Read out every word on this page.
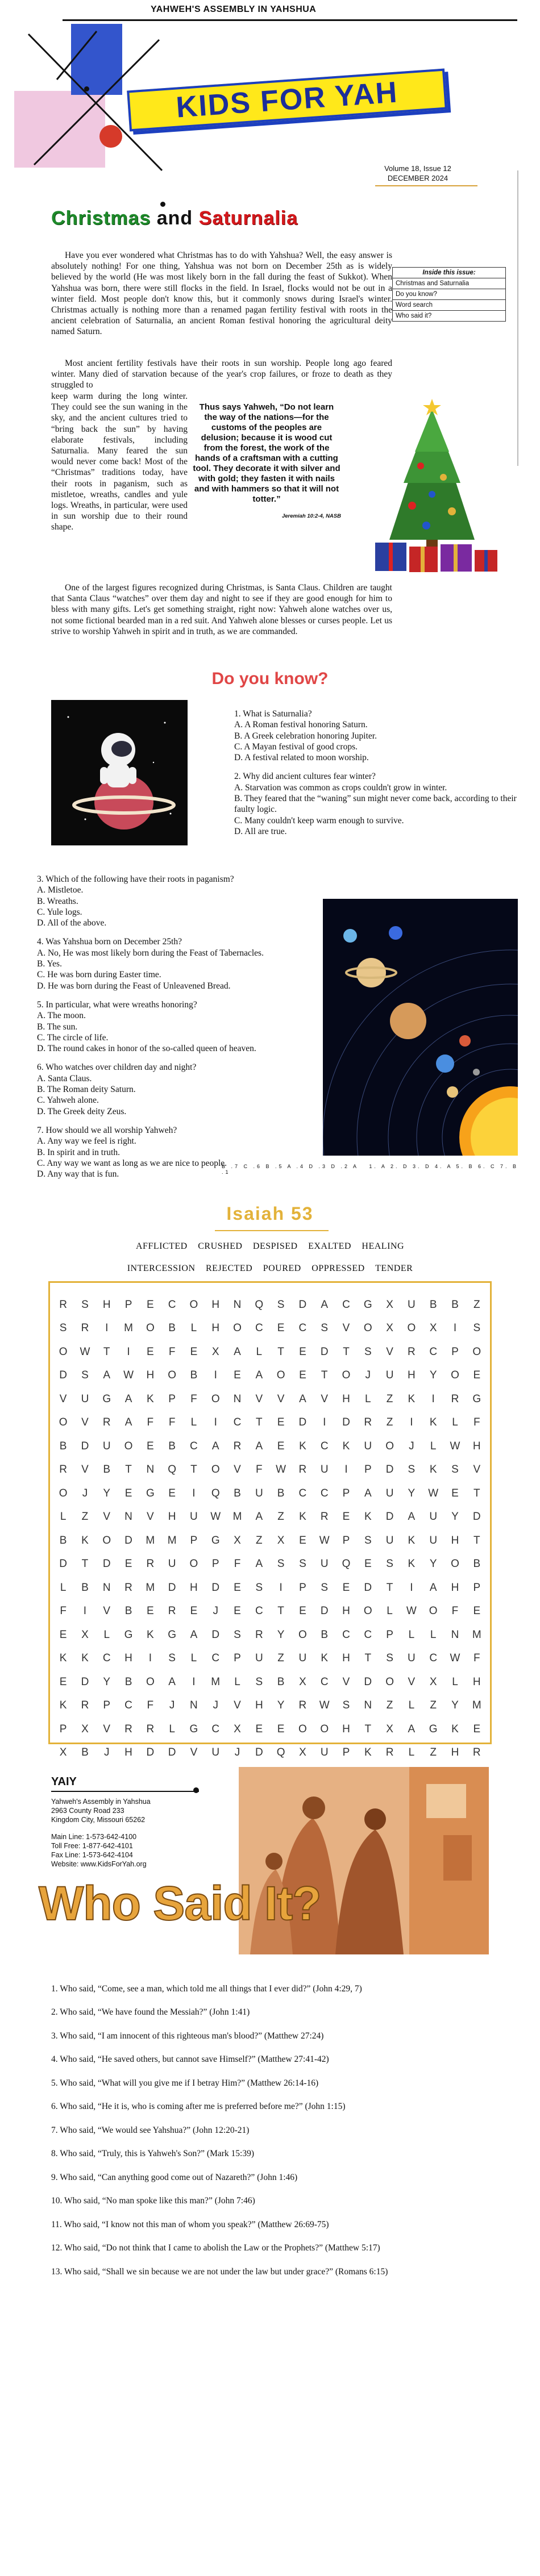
YAHWEH'S ASSEMBLY IN YAHSHUA
KIDS FOR YAH
Volume 18, Issue 12
DECEMBER 2024
Christmas and Saturnalia
Have you ever wondered what Christmas has to do with Yahshua? Well, the easy answer is absolutely nothing! For one thing, Yahshua was not born on December 25th as is widely believed by the world (He was most likely born in the fall during the feast of Sukkot). When Yahshua was born, there were still flocks in the field. In Israel, flocks would not be out in a winter field. Most people don't know this, but it commonly snows during Israel's winter. Christmas actually is nothing more than a renamed pagan fertility festival with roots in the ancient celebration of Saturnalia, an ancient Roman festival honoring the agricultural deity named Saturn.
Most ancient fertility festivals have their roots in sun worship. People long ago feared winter. Many died of starvation because of the year's crop failures, or froze to death as they struggled to
keep warm during the long winter. They could see the sun waning in the sky, and the ancient cultures tried to “bring back the sun” by having elaborate festivals, including Saturnalia. Many feared the sun would never come back! Most of the “Christmas” traditions today, have their roots in paganism, such as mistletoe, wreaths, candles and yule logs. Wreaths, in particular, were used in sun worship due to their round shape.
One of the largest figures recognized during Christmas, is Santa Claus. Children are taught that Santa Claus “watches” over them day and night to see if they are good enough for him to bless with many gifts. Let's get something straight, right now: Yahweh alone watches over us, not some fictional bearded man in a red suit. And Yahweh alone blesses or curses people. Let us strive to worship Yahweh in spirit and in truth, as we are commanded.
Inside this issue:
Christmas and Saturnalia
Do you know?
Word search
Who said it?
Thus says Yahweh, “Do not learn the way of the nations—for the customs of the peoples are delusion; because it is wood cut from the forest, the work of the hands of a craftsman with a cutting tool. They decorate it with silver and with gold; they fasten it with nails and with hammers so that it will not totter.”
Jeremiah 10:2-4, NASB
Do you know?
1. What is Saturnalia?
A. A Roman festival honoring Saturn.
B. A Greek celebration honoring Jupiter.
C. A Mayan festival of good crops.
D. A festival related to moon worship.
2. Why did ancient cultures fear winter?
A. Starvation was common as crops couldn't grow in winter.
B. They feared that the “waning” sun might never come back, according to their faulty logic.
C. Many couldn't keep warm enough to survive.
D. All are true.
3. Which of the following have their roots in paganism?
A. Mistletoe.
B. Wreaths.
C. Yule logs.
D. All of the above.
4. Was Yahshua born on December 25th?
A. No, He was most likely born during the Feast of Tabernacles.
B. Yes.
C. He was born during Easter time.
D. He was born during the Feast of Unleavened Bread.
5. In particular, what were wreaths honoring?
A. The moon.
B. The sun.
C. The circle of life.
D. The round cakes in honor of the so-called queen of heaven.
6. Who watches over children day and night?
A. Santa Claus.
B. The Roman deity Saturn.
C. Yahweh alone.
D. The Greek deity Zeus.
7. How should we all worship Yahweh?
A. Any way we feel is right.
B. In spirit and in truth.
C. Any way we want as long as we are nice to people.
D. Any way that is fun.
B .7 C .6 B .5 A .4 D .3 D .2 A .1
1. A 2. D 3. D 4. A 5. B 6. C 7. B
Isaiah 53
AFFLICTED CRUSHED DESPISED EXALTED HEALING
INTERCESSION REJECTED POURED OPPRESSED TENDER
R	S	H	P	E	C	O	H	N	Q	S	D	A	C	G	X	U	B	B	Z
S	R	I	M	O	B	L	H	O	C	E	C	S	V	O	X	O	X	I	S
O	W	T	I	E	F	E	X	A	L	T	E	D	T	S	V	R	C	P	O
D	S	A	W	H	O	B	I	E	A	O	E	T	O	J	U	H	Y	O	E
V	U	G	A	K	P	F	O	N	V	V	A	V	H	L	Z	K	I	R	G
O	V	R	A	F	F	L	I	C	T	E	D	I	D	R	Z	I	K	L	F
B	D	U	O	E	B	C	A	R	A	E	K	C	K	U	O	J	L	W	H
R	V	B	T	N	Q	T	O	V	F	W	R	U	I	P	D	S	K	S	V
O	J	Y	E	G	E	I	Q	B	U	B	C	C	P	A	U	Y	W	E	T
L	Z	V	N	V	H	U	W	M	A	Z	K	R	E	K	D	A	U	Y	D
B	K	O	D	M	M	P	G	X	Z	X	E	W	P	S	U	K	U	H	T
D	T	D	E	R	U	O	P	F	A	S	S	U	Q	E	S	K	Y	O	B
L	B	N	R	M	D	H	D	E	S	I	P	S	E	D	T	I	A	H	P
F	I	V	B	E	R	E	J	E	C	T	E	D	H	O	L	W	O	F	E
E	X	L	G	K	G	A	D	S	R	Y	O	B	C	C	P	L	L	N	M
K	K	C	H	I	S	L	C	P	U	Z	U	K	H	T	S	U	C	W	F
E	D	Y	B	O	A	I	M	L	S	B	X	C	V	D	O	V	X	L	H
K	R	P	C	F	J	N	J	V	H	Y	R	W	S	N	Z	L	Z	Y	M
P	X	V	R	R	L	G	C	X	E	E	O	O	H	T	X	A	G	K	E
X	B	J	H	D	D	V	U	J	D	Q	X	U	P	K	R	L	Z	H	R
YAIY
Yahweh's Assembly in Yahshua
2963 County Road 233
Kingdom City, Missouri 65262
Main Line: 1-573-642-4100
Toll Free: 1-877-642-4101
Fax Line: 1-573-642-4104
Website: www.KidsForYah.org
Who Said It?
1. Who said, “Come, see a man, which told me all things that I ever did?” (John 4:29, 7)
2. Who said, “We have found the Messiah?” (John 1:41)
3. Who said, “I am innocent of this righteous man's blood?” (Matthew 27:24)
4. Who said, “He saved others, but cannot save Himself?” (Matthew 27:41-42)
5. Who said, “What will you give me if I betray Him?” (Matthew 26:14-16)
6. Who said, “He it is, who is coming after me is preferred before me?” (John 1:15)
7. Who said, “We would see Yahshua?” (John 12:20-21)
8. Who said, “Truly, this is Yahweh's Son?” (Mark 15:39)
9. Who said, “Can anything good come out of Nazareth?” (John 1:46)
10. Who said, “No man spoke like this man?” (John 7:46)
11. Who said, “I know not this man of whom you speak?” (Matthew 26:69-75)
12. Who said, “Do not think that I came to abolish the Law or the Prophets?” (Matthew 5:17)
13. Who said, “Shall we sin because we are not under the law but under grace?” (Romans 6:15)
